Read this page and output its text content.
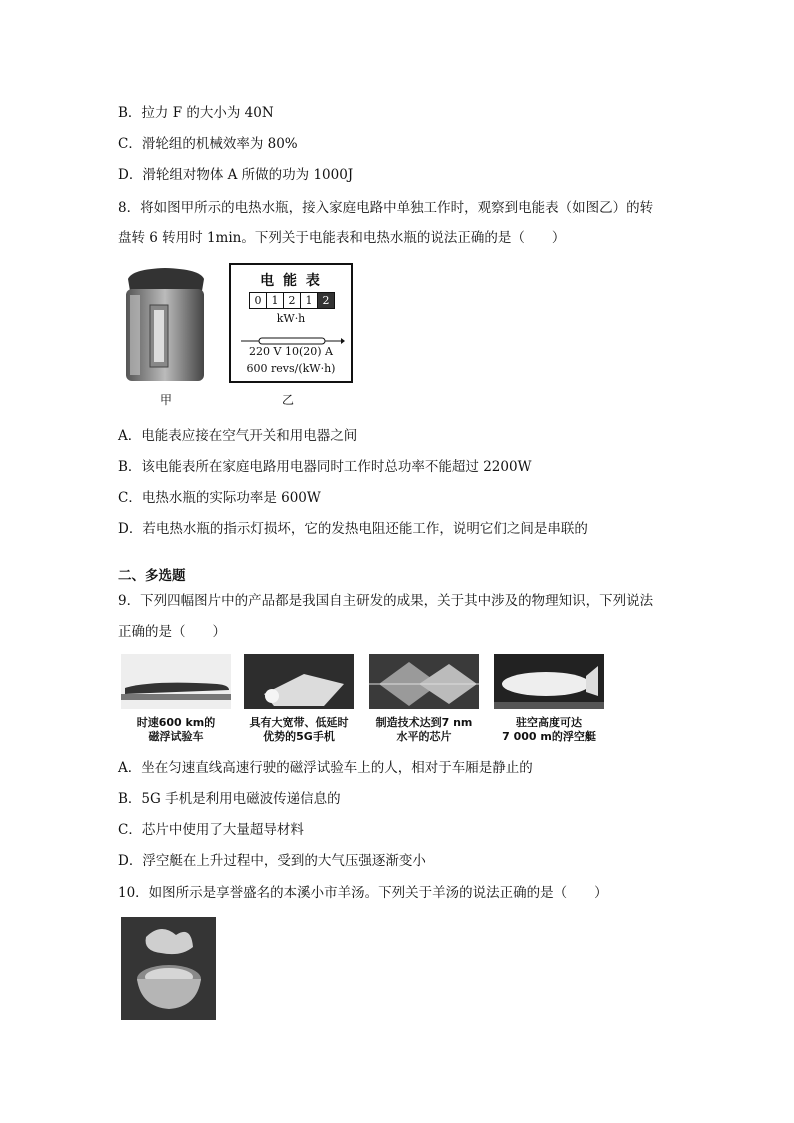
B．拉力 F 的大小为 40N
C．滑轮组的机械效率为 80%
D．滑轮组对物体 A 所做的功为 1000J
8．将如图甲所示的电热水瓶，接入家庭电路中单独工作时，观察到电能表（如图乙）的转
盘转 6 转用时 1min。下列关于电能表和电热水瓶的说法正确的是（　　）
甲
电 能 表
0 1 2 1 2
kW·h
220 V 10(20) A
600 revs/(kW·h)
乙
A．电能表应接在空气开关和用电器之间
B．该电能表所在家庭电路用电器同时工作时总功率不能超过 2200W
C．电热水瓶的实际功率是 600W
D．若电热水瓶的指示灯损坏，它的发热电阻还能工作，说明它们之间是串联的
二、多选题
9．下列四幅图片中的产品都是我国自主研发的成果，关于其中涉及的物理知识，下列说法
正确的是（　　）
时速600 km的
磁浮试验车
具有大宽带、低延时
优势的5G手机
制造技术达到7 nm
水平的芯片
驻空高度可达
7 000 m的浮空艇
A．坐在匀速直线高速行驶的磁浮试验车上的人，相对于车厢是静止的
B．5G 手机是利用电磁波传递信息的
C．芯片中使用了大量超导材料
D．浮空艇在上升过程中，受到的大气压强逐渐变小
10．如图所示是享誉盛名的本溪小市羊汤。下列关于羊汤的说法正确的是（　　）
